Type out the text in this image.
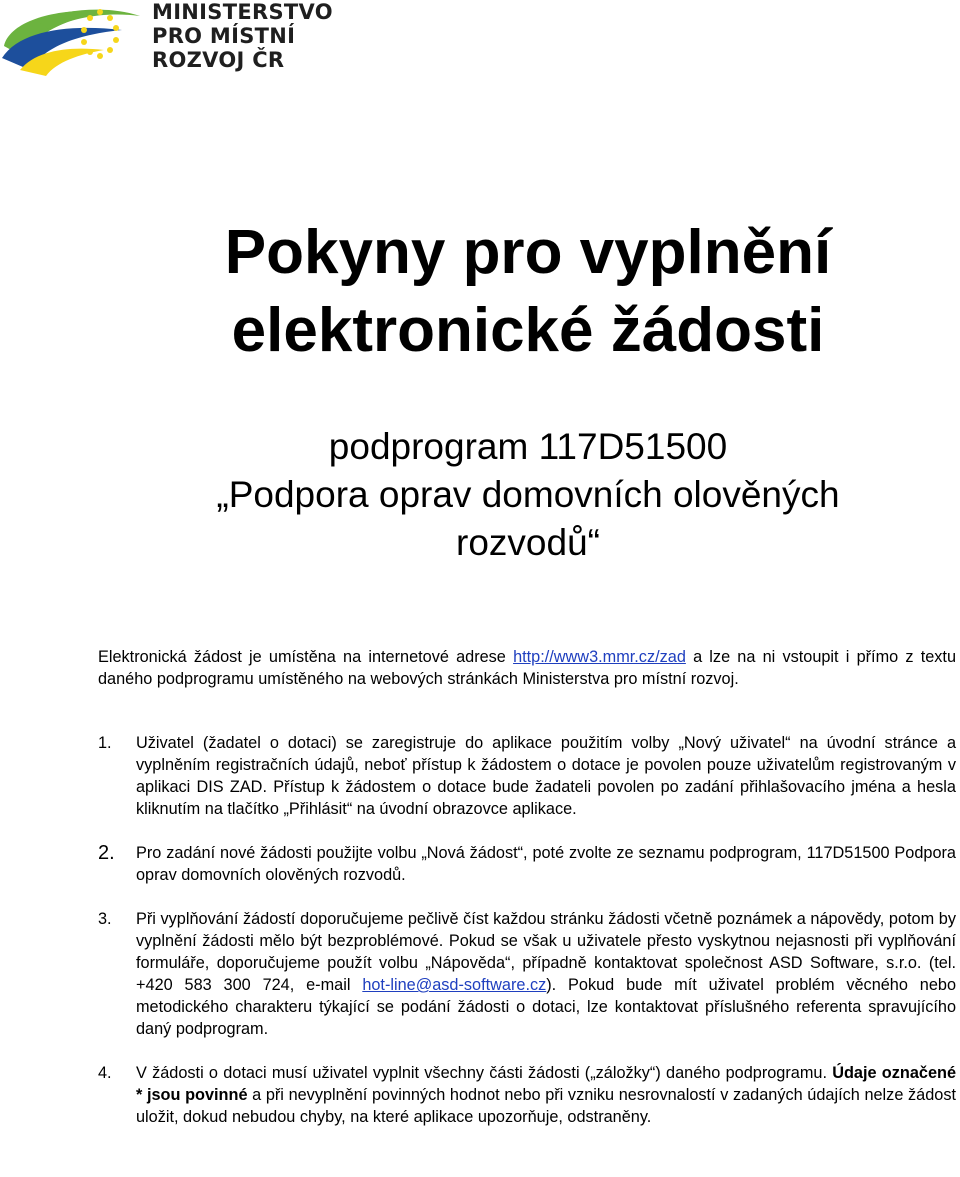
MINISTERSTVO
PRO MÍSTNÍ
ROZVOJ ČR
Pokyny pro vyplnění
elektronické žádosti
podprogram 117D51500
„Podpora oprav domovních olověných
rozvodů“

Elektronická žádost je umístěna na internetové adrese http://www3.mmr.cz/zad a lze na ni vstoupit i přímo z textu daného podprogramu umístěného na webových stránkách Ministerstva pro místní rozvoj.

1. Uživatel (žadatel o dotaci) se zaregistruje do aplikace použitím volby „Nový uživatel“ na úvodní stránce a vyplněním registračních údajů, neboť přístup k žádostem o dotace je povolen pouze uživatelům registrovaným v aplikaci DIS ZAD. Přístup k žádostem o dotace bude žadateli povolen po zadání přihlašovacího jména a hesla kliknutím na tlačítko „Přihlásit“ na úvodní obrazovce aplikace.
2. Pro zadání nové žádosti použijte volbu „Nová žádost“, poté zvolte ze seznamu podprogram, 117D51500 Podpora oprav domovních olověných rozvodů.
3. Při vyplňování žádostí doporučujeme pečlivě číst každou stránku žádosti včetně poznámek a nápovědy, potom by vyplnění žádosti mělo být bezproblémové. Pokud se však u uživatele přesto vyskytnou nejasnosti při vyplňování formuláře, doporučujeme použít volbu „Nápověda“, případně kontaktovat společnost ASD Software, s.r.o. (tel. +420 583 300 724, e-mail hot-line@asd-software.cz). Pokud bude mít uživatel problém věcného nebo metodického charakteru týkající se podání žádosti o dotaci, lze kontaktovat příslušného referenta spravujícího daný podprogram.
4. V žádosti o dotaci musí uživatel vyplnit všechny části žádosti („záložky“) daného podprogramu. Údaje označené * jsou povinné a při nevyplnění povinných hodnot nebo při vzniku nesrovnalostí v zadaných údajích nelze žádost uložit, dokud nebudou chyby, na které aplikace upozorňuje, odstraněny.
